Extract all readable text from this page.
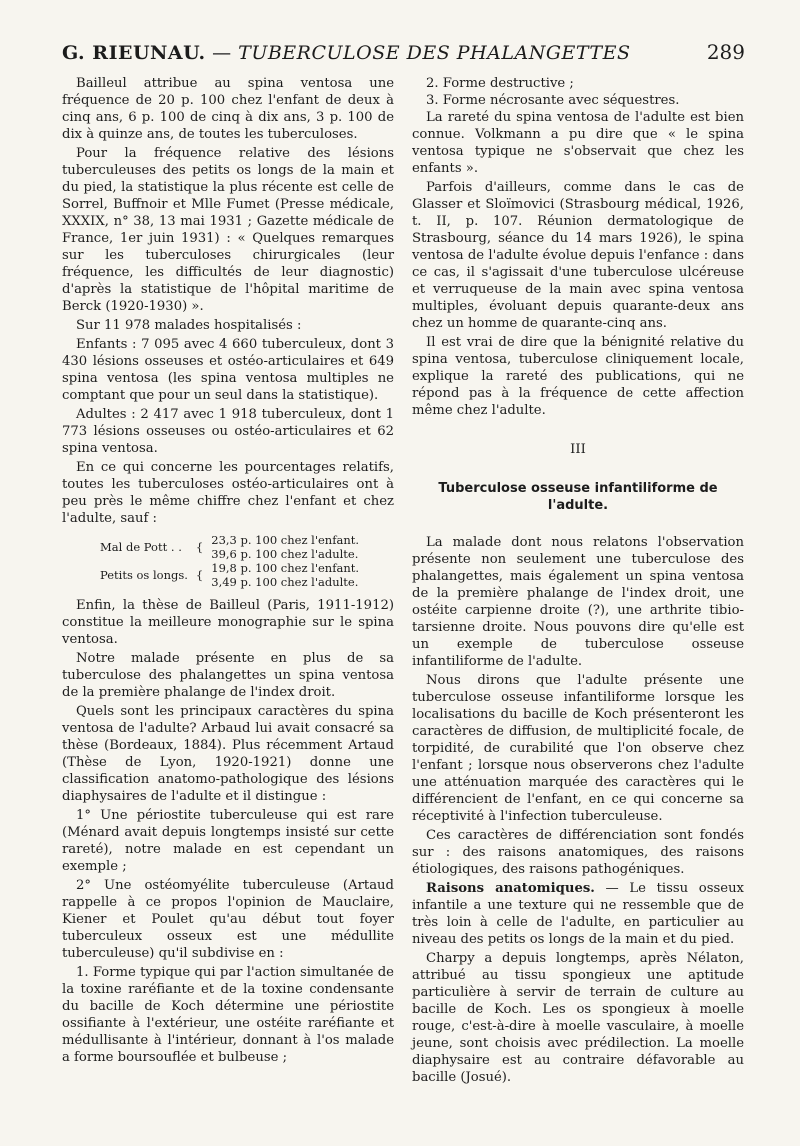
G. RIEUNAU. — TUBERCULOSE DES PHALANGETTES	289

Bailleul attribue au spina ventosa une fréquence de 20 p. 100 chez l'enfant de deux à cinq ans, 6 p. 100 de cinq à dix ans, 3 p. 100 de dix à quinze ans, de toutes les tuberculoses.

Pour la fréquence relative des lésions tuberculeuses des petits os longs de la main et du pied, la statistique la plus récente est celle de Sorrel, Buffnoir et Mlle Fumet (Presse médicale, XXXIX, n° 38, 13 mai 1931 ; Gazette médicale de France, 1er juin 1931) : « Quelques remarques sur les tuberculoses chirurgicales (leur fréquence, les difficultés de leur diagnostic) d'après la statistique de l'hôpital maritime de Berck (1920-1930) ».

Sur 11 978 malades hospitalisés :

Enfants : 7 095 avec 4 660 tuberculeux, dont 3 430 lésions osseuses et ostéo-articulaires et 649 spina ventosa (les spina ventosa multiples ne comptant que pour un seul dans la statistique).

Adultes : 2 417 avec 1 918 tuberculeux, dont 1 773 lésions osseuses ou ostéo-articulaires et 62 spina ventosa.

En ce qui concerne les pourcentages relatifs, toutes les tuberculoses ostéo-articulaires ont à peu près le même chiffre chez l'enfant et chez l'adulte, sauf :

Mal de Pott . .	{	23,3 p. 100 chez l'enfant.
		39,6 p. 100 chez l'adulte.
Petits os longs.	{	19,8 p. 100 chez l'enfant.
		3,49 p. 100 chez l'adulte.

Enfin, la thèse de Bailleul (Paris, 1911-1912) constitue la meilleure monographie sur le spina ventosa.

Notre malade présente en plus de sa tuberculose des phalangettes un spina ventosa de la première phalange de l'index droit.

Quels sont les principaux caractères du spina ventosa de l'adulte? Arbaud lui avait consacré sa thèse (Bordeaux, 1884). Plus récemment Artaud (Thèse de Lyon, 1920-1921) donne une classification anatomo-pathologique des lésions diaphysaires de l'adulte et il distingue :

1° Une périostite tuberculeuse qui est rare (Ménard avait depuis longtemps insisté sur cette rareté), notre malade en est cependant un exemple ;

2° Une ostéomyélite tuberculeuse (Artaud rappelle à ce propos l'opinion de Mauclaire, Kiener et Poulet qu'au début tout foyer tuberculeux osseux est une médullite tuberculeuse) qu'il subdivise en :

1. Forme typique qui par l'action simultanée de la toxine raréfiante et de la toxine condensante du bacille de Koch détermine une périostite ossifiante à l'extérieur, une ostéite raréfiante et médullisante à l'intérieur, donnant à l'os malade a forme boursouflée et bulbeuse ;

2. Forme destructive ;

3. Forme nécrosante avec séquestres.

La rareté du spina ventosa de l'adulte est bien connue. Volkmann a pu dire que « le spina ventosa typique ne s'observait que chez les enfants ».

Parfois d'ailleurs, comme dans le cas de Glasser et Sloïmovici (Strasbourg médical, 1926, t. II, p. 107. Réunion dermatologique de Strasbourg, séance du 14 mars 1926), le spina ventosa de l'adulte évolue depuis l'enfance : dans ce cas, il s'agissait d'une tuberculose ulcéreuse et verruqueuse de la main avec spina ventosa multiples, évoluant depuis quarante-deux ans chez un homme de quarante-cinq ans.

Il est vrai de dire que la bénignité relative du spina ventosa, tuberculose cliniquement locale, explique la rareté des publications, qui ne répond pas à la fréquence de cette affection même chez l'adulte.

III
Tuberculose osseuse infantiliforme de l'adulte.

La malade dont nous relatons l'observation présente non seulement une tuberculose des phalangettes, mais également un spina ventosa de la première phalange de l'index droit, une ostéite carpienne droite (?), une arthrite tibio-tarsienne droite. Nous pouvons dire qu'elle est un exemple de tuberculose osseuse infantiliforme de l'adulte.

Nous dirons que l'adulte présente une tuberculose osseuse infantiliforme lorsque les localisations du bacille de Koch présenteront les caractères de diffusion, de multiplicité focale, de torpidité, de curabilité que l'on observe chez l'enfant ; lorsque nous observerons chez l'adulte une atténuation marquée des caractères qui le différencient de l'enfant, en ce qui concerne sa réceptivité à l'infection tuberculeuse.

Ces caractères de différenciation sont fondés sur : des raisons anatomiques, des raisons étiologiques, des raisons pathogéniques.

Raisons anatomiques. — Le tissu osseux infantile a une texture qui ne ressemble que de très loin à celle de l'adulte, en particulier au niveau des petits os longs de la main et du pied.

Charpy a depuis longtemps, après Nélaton, attribué au tissu spongieux une aptitude particulière à servir de terrain de culture au bacille de Koch. Les os spongieux à moelle rouge, c'est-à-dire à moelle vasculaire, à moelle jeune, sont choisis avec prédilection. La moelle diaphysaire est au contraire défavorable au bacille (Josué).
